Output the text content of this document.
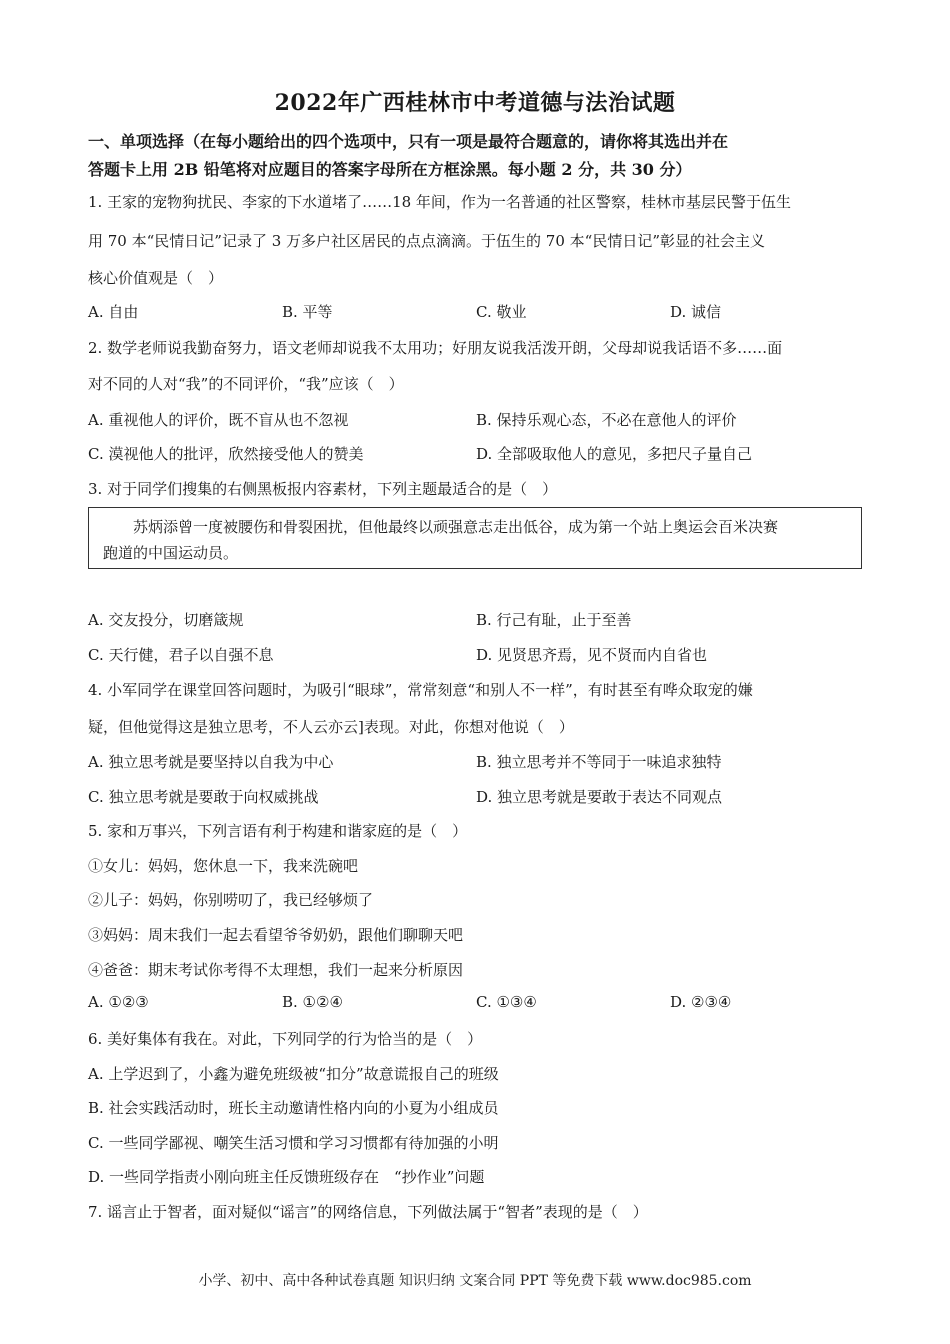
2022年广西桂林市中考道德与法治试题
一、单项选择（在每小题给出的四个选项中，只有一项是最符合题意的，请你将其选出并在
答题卡上用 2B 铅笔将对应题目的答案字母所在方框涂黑。每小题 2 分，共 30 分）
1. 王家的宠物狗扰民、李家的下水道堵了……18 年间，作为一名普通的社区警察，桂林市基层民警于伍生
用 70 本“民情日记”记录了 3 万多户社区居民的点点滴滴。于伍生的 70 本“民情日记”彰显的社会主义
核心价值观是（　）
A. 自由	B. 平等	C. 敬业	D. 诚信
2. 数学老师说我勤奋努力，语文老师却说我不太用功；好朋友说我活泼开朗，父母却说我话语不多……面
对不同的人对“我”的不同评价，“我”应该（　）
A. 重视他人的评价，既不盲从也不忽视	B. 保持乐观心态，不必在意他人的评价
C. 漠视他人的批评，欣然接受他人的赞美	D. 全部吸取他人的意见，多把尺子量自己
3. 对于同学们搜集的右侧黑板报内容素材，下列主题最适合的是（　）
苏炳添曾一度被腰伤和骨裂困扰，但他最终以顽强意志走出低谷，成为第一个站上奥运会百米决赛
跑道的中国运动员。
A. 交友投分，切磨箴规	B. 行己有耻，止于至善
C. 天行健，君子以自强不息	D. 见贤思齐焉，见不贤而内自省也
4. 小军同学在课堂回答问题时，为吸引“眼球”，常常刻意“和别人不一样”，有时甚至有哗众取宠的嫌
疑，但他觉得这是独立思考，不人云亦云]表现。对此，你想对他说（　）
A. 独立思考就是要坚持以自我为中心	B. 独立思考并不等同于一味追求独特
C. 独立思考就是要敢于向权威挑战	D. 独立思考就是要敢于表达不同观点
5. 家和万事兴，下列言语有利于构建和谐家庭的是（　）
①女儿：妈妈，您休息一下，我来洗碗吧
②儿子：妈妈，你别唠叨了，我已经够烦了
③妈妈：周末我们一起去看望爷爷奶奶，跟他们聊聊天吧
④爸爸：期末考试你考得不太理想，我们一起来分析原因
A. ①②③	B. ①②④	C. ①③④	D. ②③④
6. 美好集体有我在。对此，下列同学的行为恰当的是（　）
A. 上学迟到了，小鑫为避免班级被“扣分”故意谎报自己的班级
B. 社会实践活动时，班长主动邀请性格内向的小夏为小组成员
C. 一些同学鄙视、嘲笑生活习惯和学习习惯都有待加强的小明
D. 一些同学指责小刚向班主任反馈班级存在　“抄作业”问题
7. 谣言止于智者，面对疑似“谣言”的网络信息，下列做法属于“智者”表现的是（　）
小学、初中、高中各种试卷真题 知识归纳 文案合同 PPT 等免费下载 www.doc985.com
